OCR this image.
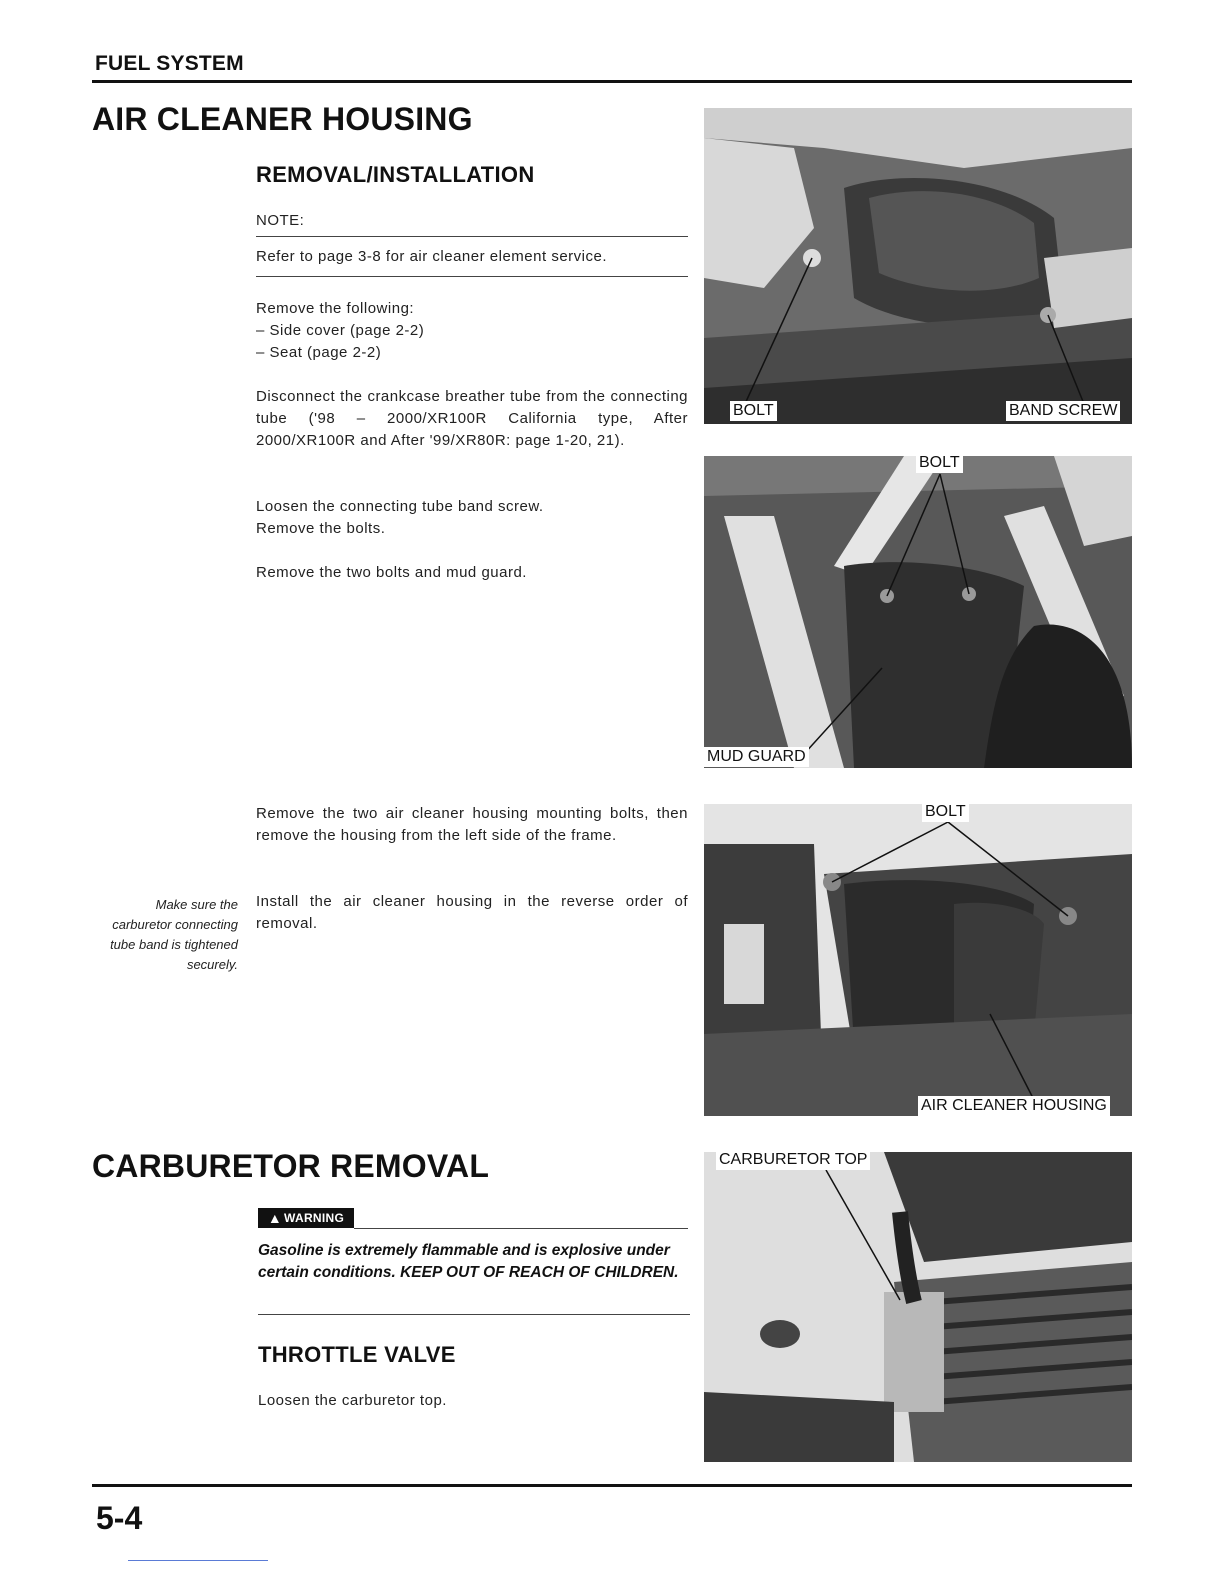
FUEL SYSTEM
AIR CLEANER HOUSING
REMOVAL/INSTALLATION
NOTE:
Refer to page 3-8 for air cleaner element service.
Remove the following:
– Side cover (page 2-2)
– Seat (page 2-2)
Disconnect the crankcase breather tube from the connecting tube ('98 – 2000/XR100R California type, After 2000/XR100R and After '99/XR80R: page 1-20, 21).
Loosen the connecting tube band screw.
Remove the bolts.
Remove the two bolts and mud guard.
Remove the two air cleaner housing mounting bolts, then remove the housing from the left side of the frame.
Make sure the carburetor connecting tube band is tightened securely.
Install the air cleaner housing in the reverse order of removal.
BOLT	BAND SCREW
BOLT
MUD GUARD
BOLT
AIR CLEANER HOUSING
CARBURETOR REMOVAL
▲ WARNING
Gasoline is extremely flammable and is explosive under certain conditions. KEEP OUT OF REACH OF CHILDREN.
THROTTLE VALVE
Loosen the carburetor top.
CARBURETOR TOP
5-4
